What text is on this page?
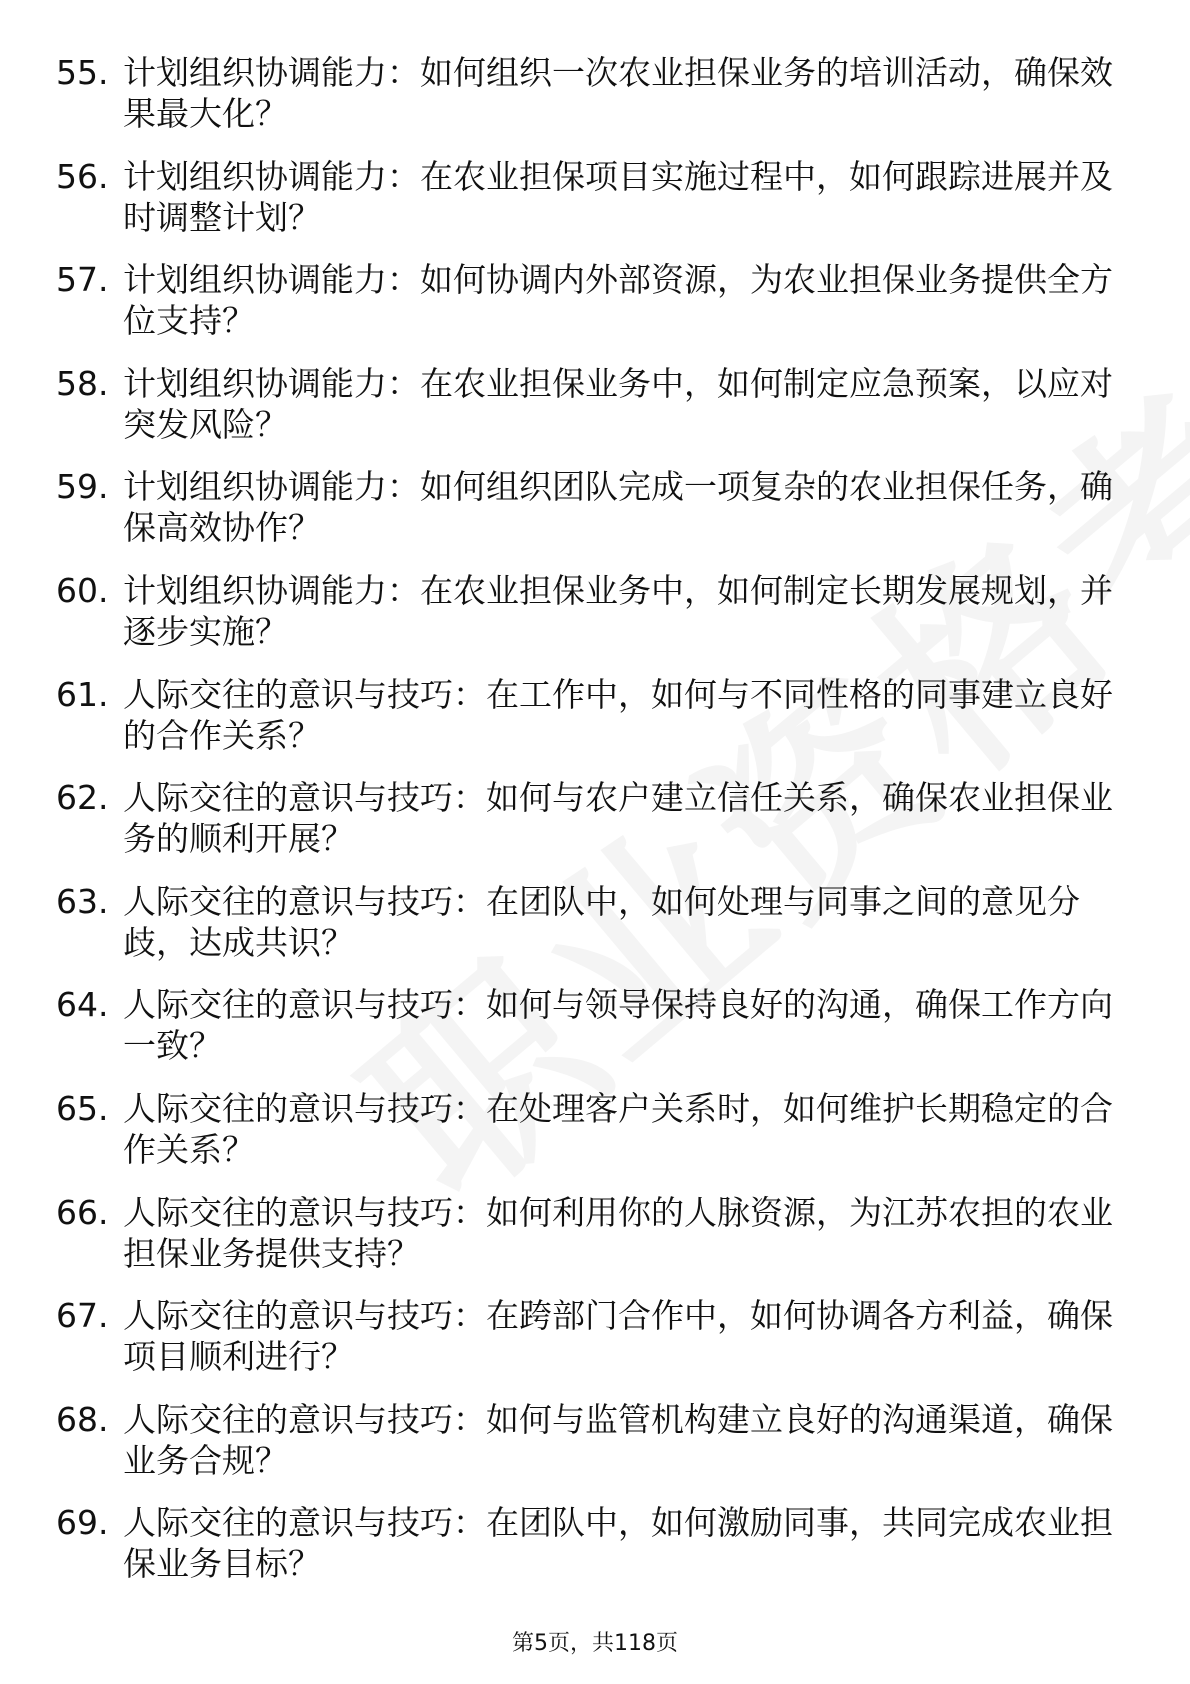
55. 计划组织协调能力：如何组织一次农业担保业务的培训活动，确保效果最大化？
56. 计划组织协调能力：在农业担保项目实施过程中，如何跟踪进展并及时调整计划？
57. 计划组织协调能力：如何协调内外部资源，为农业担保业务提供全方位支持？
58. 计划组织协调能力：在农业担保业务中，如何制定应急预案，以应对突发风险？
59. 计划组织协调能力：如何组织团队完成一项复杂的农业担保任务，确保高效协作？
60. 计划组织协调能力：在农业担保业务中，如何制定长期发展规划，并逐步实施？
61. 人际交往的意识与技巧：在工作中，如何与不同性格的同事建立良好的合作关系？
62. 人际交往的意识与技巧：如何与农户建立信任关系，确保农业担保业务的顺利开展？
63. 人际交往的意识与技巧：在团队中，如何处理与同事之间的意见分歧，达成共识？
64. 人际交往的意识与技巧：如何与领导保持良好的沟通，确保工作方向一致？
65. 人际交往的意识与技巧：在处理客户关系时，如何维护长期稳定的合作关系？
66. 人际交往的意识与技巧：如何利用你的人脉资源，为江苏农担的农业担保业务提供支持？
67. 人际交往的意识与技巧：在跨部门合作中，如何协调各方利益，确保项目顺利进行？
68. 人际交往的意识与技巧：如何与监管机构建立良好的沟通渠道，确保业务合规？
69. 人际交往的意识与技巧：在团队中，如何激励同事，共同完成农业担保业务目标？
第5页，共118页
